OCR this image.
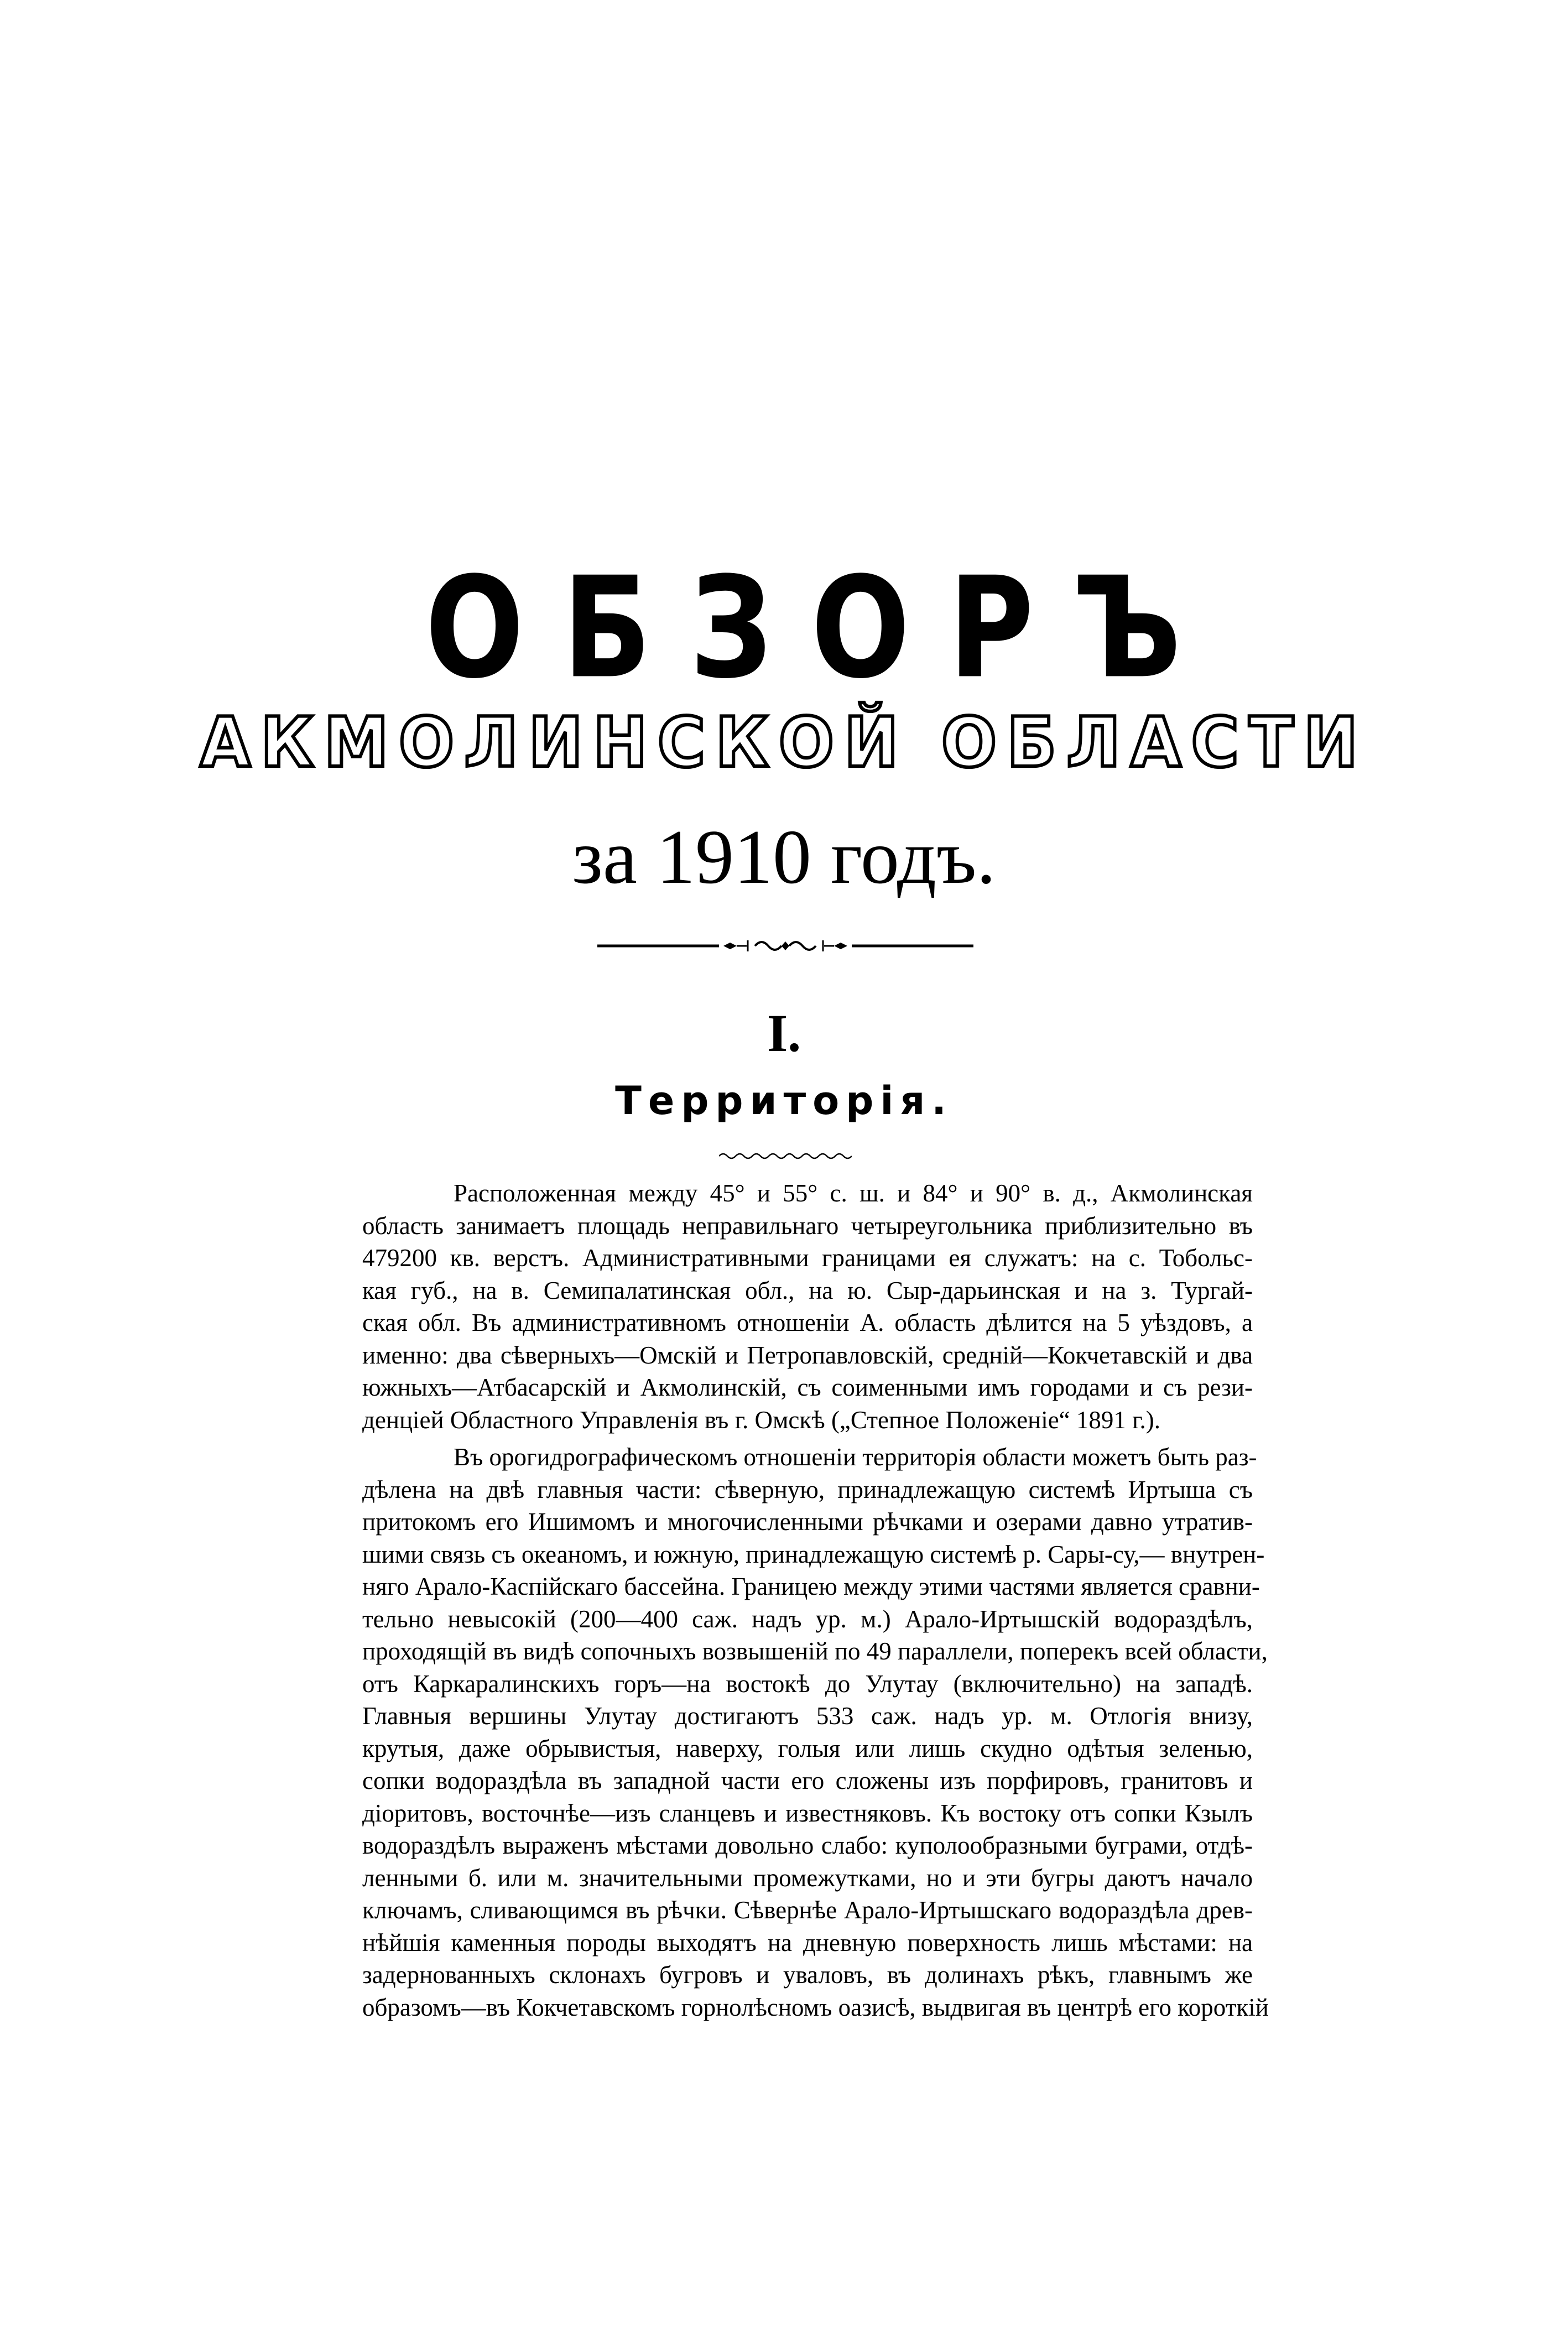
ОБЗОРЪ
АКМОЛИНСКОЙ ОБЛАСТИ
за 1910 годъ.
I.
Территорія.
Расположенная между 45° и 55° с. ш. и 84° и 90° в. д., Акмолинская
область занимаетъ площадь неправильнаго четыреугольника приблизительно въ
479200 кв. верстъ. Административными границами ея служатъ: на с. Тобольс-
кая губ., на в. Семипалатинская обл., на ю. Сыр-дарьинская и на з. Тургай-
ская обл. Въ административномъ отношеніи А. область дѣлится на 5 уѣздовъ, а
именно: два сѣверныхъ—Омскій и Петропавловскій, средній—Кокчетавскій и два
южныхъ—Атбасарскій и Акмолинскій, съ соименными имъ городами и съ рези-
денціей Областного Управленія въ г. Омскѣ („Степное Положеніе“ 1891 г.).
Въ орогидрографическомъ отношеніи территорія области можетъ быть раз-
дѣлена на двѣ главныя части: сѣверную, принадлежащую системѣ Иртыша съ
притокомъ его Ишимомъ и многочисленными рѣчками и озерами давно утратив-
шими связь съ океаномъ, и южную, принадлежащую системѣ р. Сары-су,— внутрен-
няго Арало-Каспійскаго бассейна. Границею между этими частями является сравни-
тельно невысокій (200—400 саж. надъ ур. м.) Арало-Иртышскій водораздѣлъ,
проходящій въ видѣ сопочныхъ возвышеній по 49 параллели, поперекъ всей области,
отъ Каркаралинскихъ горъ—на востокѣ до Улутау (включительно) на западѣ.
Главныя вершины Улутау достигаютъ 533 саж. надъ ур. м. Отлогія внизу,
крутыя, даже обрывистыя, наверху, голыя или лишь скудно одѣтыя зеленью,
сопки водораздѣла въ западной части его сложены изъ порфировъ, гранитовъ и
діоритовъ, восточнѣе—изъ сланцевъ и известняковъ. Къ востоку отъ сопки Кзылъ
водораздѣлъ выраженъ мѣстами довольно слабо: куполообразными буграми, отдѣ-
ленными б. или м. значительными промежутками, но и эти бугры даютъ начало
ключамъ, сливающимся въ рѣчки. Сѣвернѣе Арало-Иртышскаго водораздѣла древ-
нѣйшія каменныя породы выходятъ на дневную поверхность лишь мѣстами: на
задернованныхъ склонахъ бугровъ и уваловъ, въ долинахъ рѣкъ, главнымъ же
образомъ—въ Кокчетавскомъ горнолѣсномъ оазисѣ, выдвигая въ центрѣ его короткій
